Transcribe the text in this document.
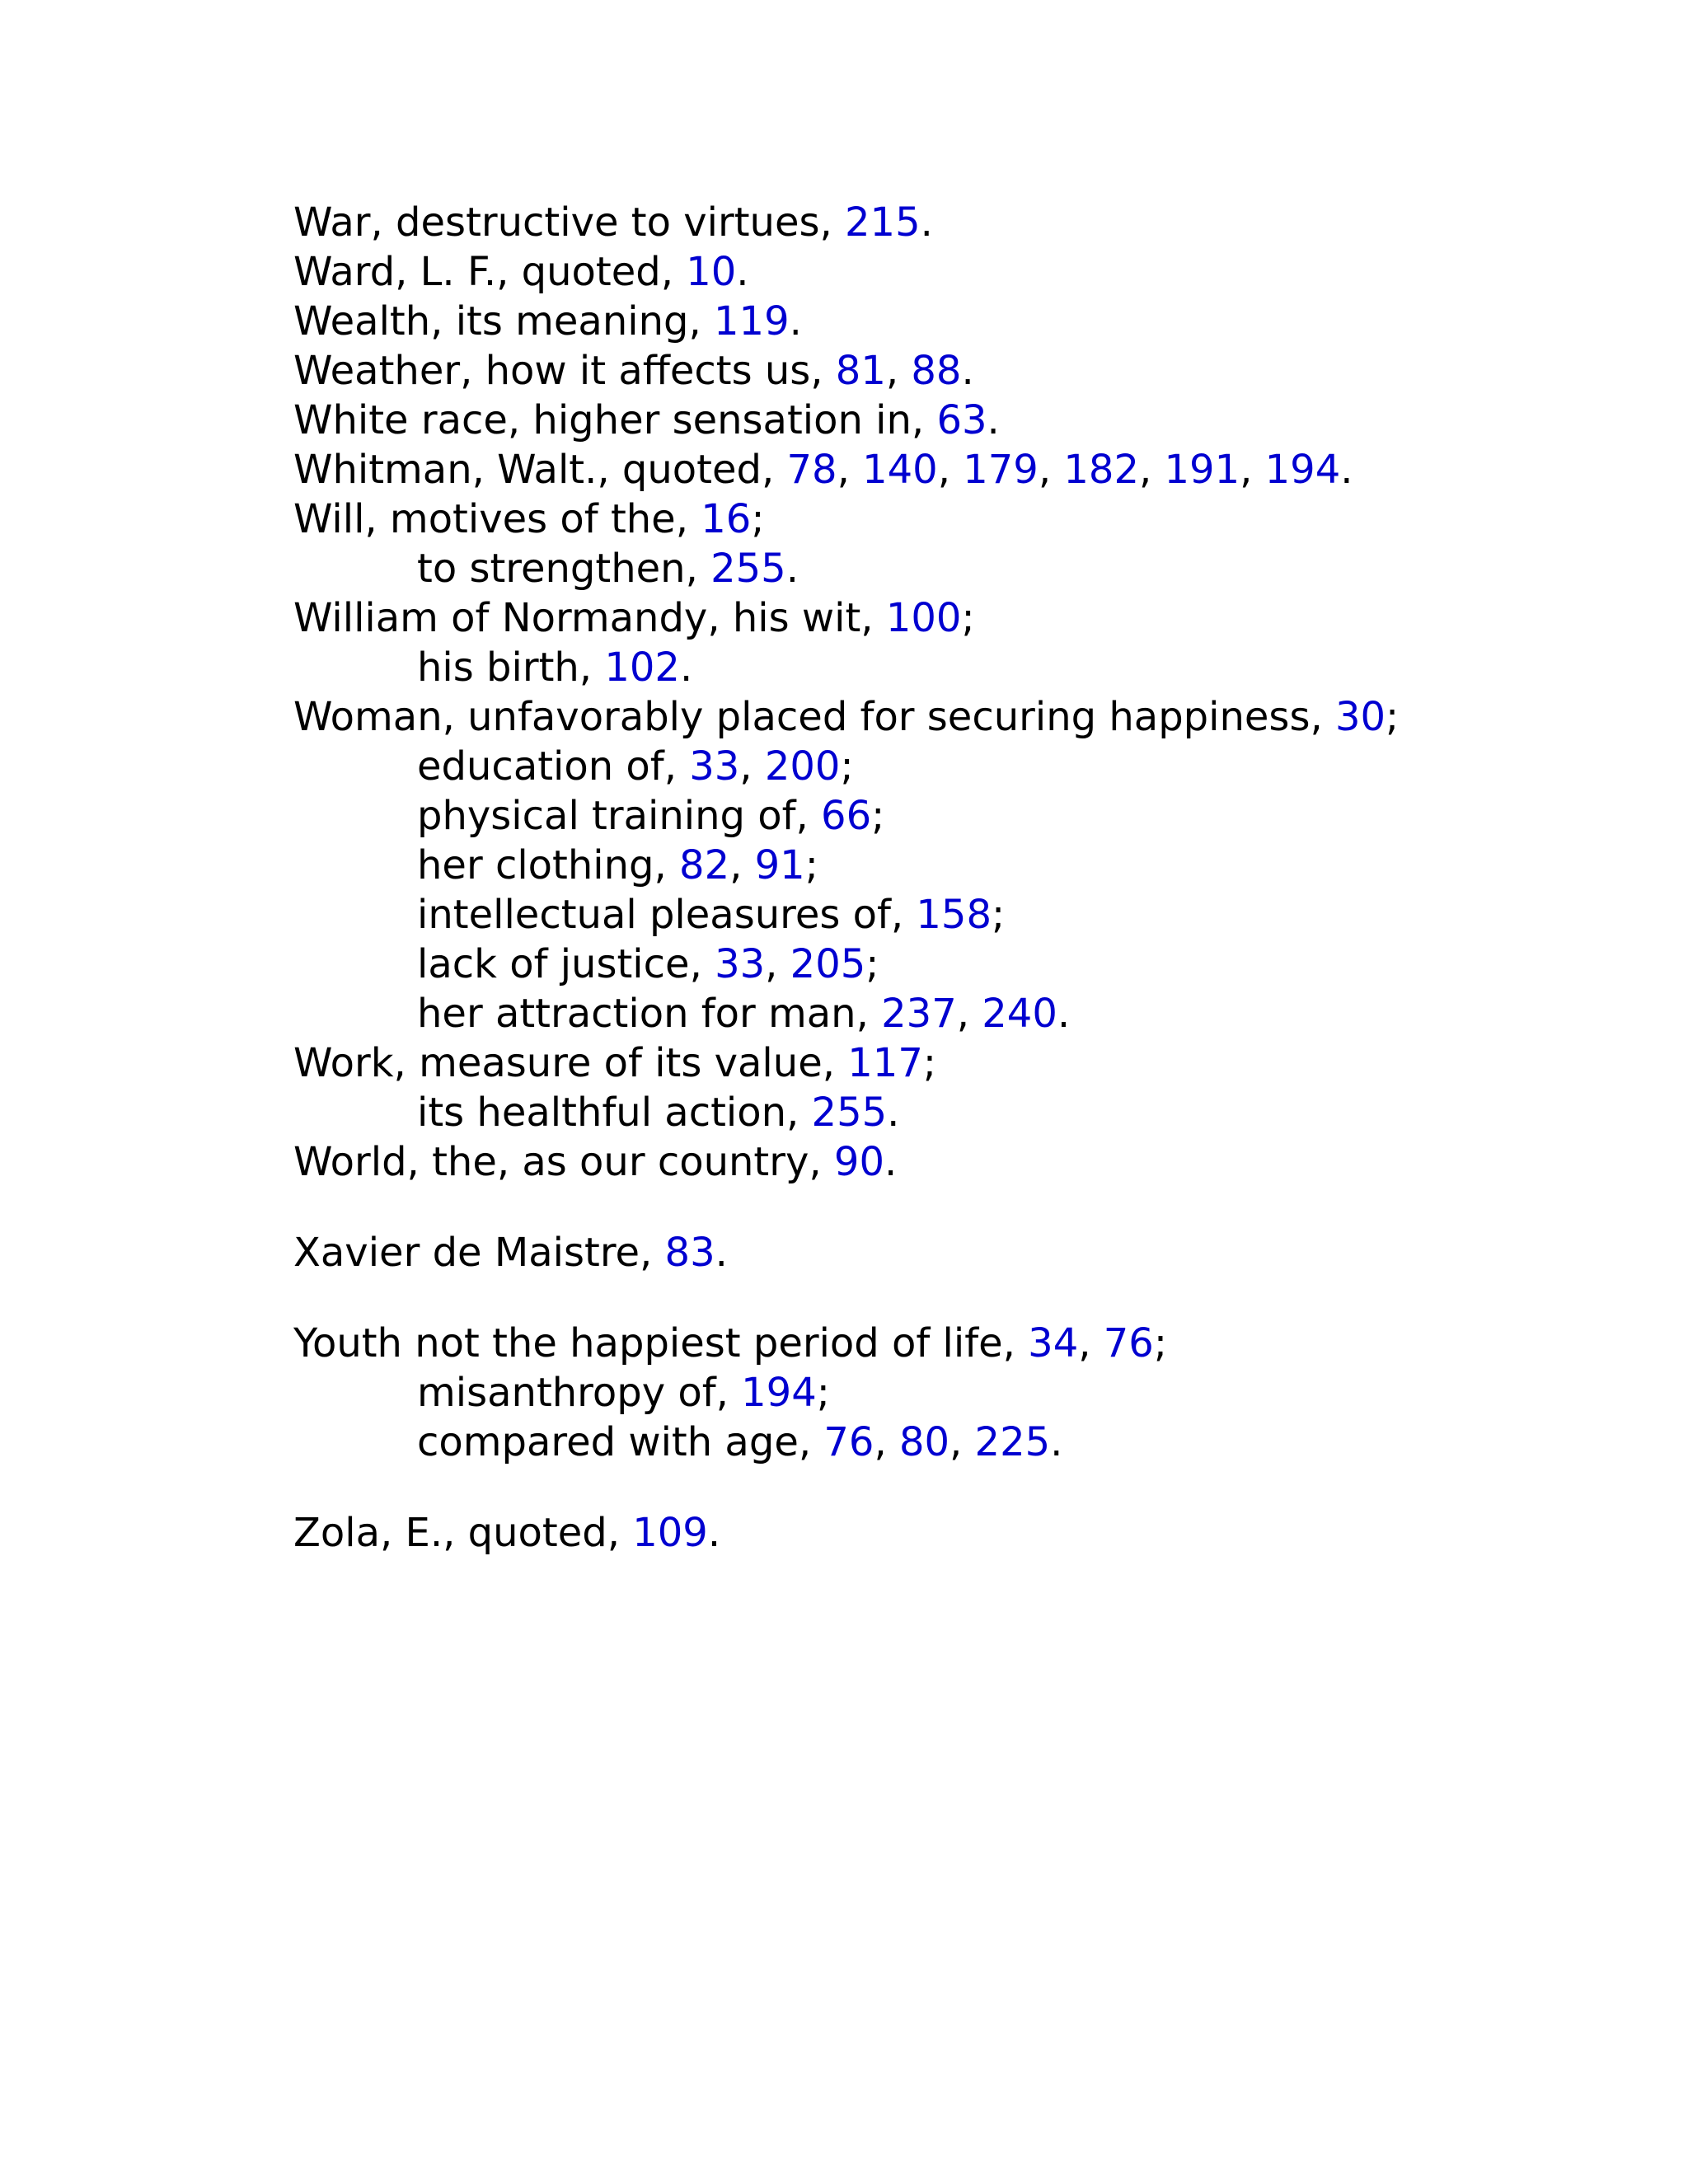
War, destructive to virtues, 215.
Ward, L. F., quoted, 10.
Wealth, its meaning, 119.
Weather, how it affects us, 81, 88.
White race, higher sensation in, 63.
Whitman, Walt., quoted, 78, 140, 179, 182, 191, 194.
Will, motives of the, 16;
to strengthen, 255.
William of Normandy, his wit, 100;
his birth, 102.
Woman, unfavorably placed for securing happiness, 30;
education of, 33, 200;
physical training of, 66;
her clothing, 82, 91;
intellectual pleasures of, 158;
lack of justice, 33, 205;
her attraction for man, 237, 240.
Work, measure of its value, 117;
its healthful action, 255.
World, the, as our country, 90.
Xavier de Maistre, 83.
Youth not the happiest period of life, 34, 76;
misanthropy of, 194;
compared with age, 76, 80, 225.
Zola, E., quoted, 109.
